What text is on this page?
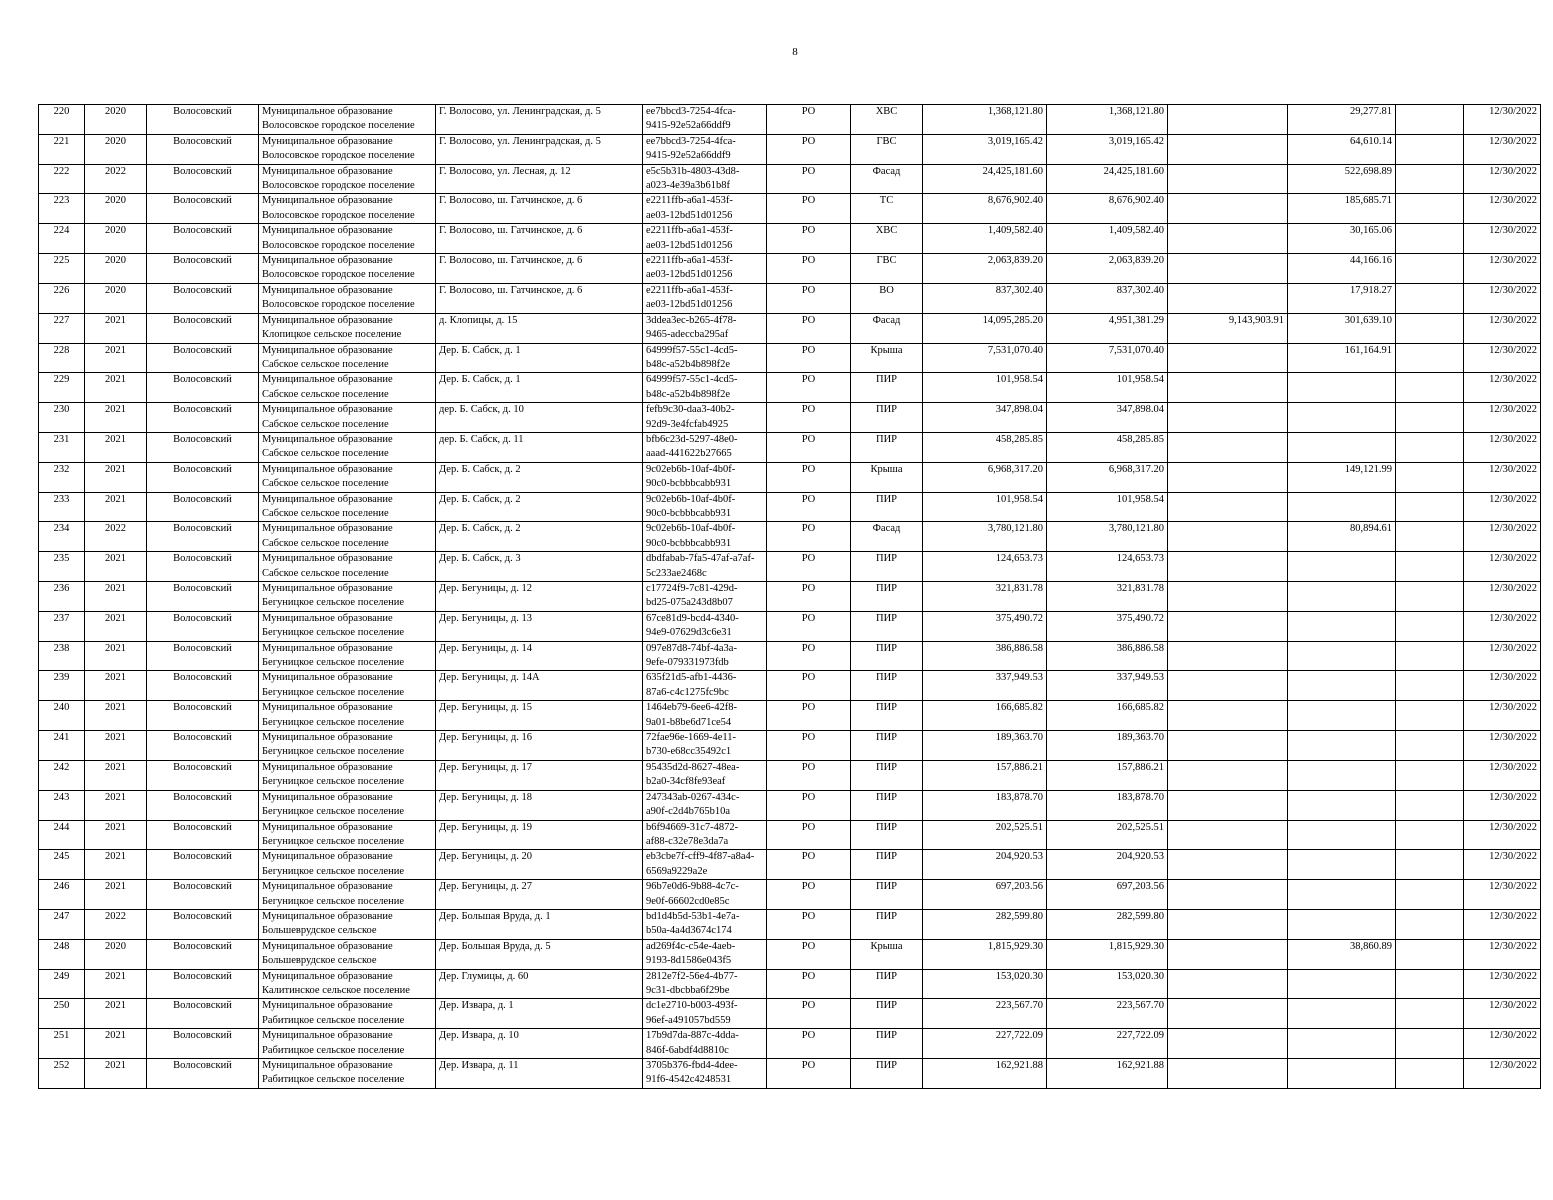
8
220	2020	Волосовский	Муниципальное образование
Волосовское городское поселение	Г. Волосово, ул. Ленинградская, д. 5	ee7bbcd3-7254-4fca-
9415-92e52a66ddf9	РО	ХВС	1,368,121.80	1,368,121.80		29,277.81		12/30/2022
221	2020	Волосовский	Муниципальное образование
Волосовское городское поселение	Г. Волосово, ул. Ленинградская, д. 5	ee7bbcd3-7254-4fca-
9415-92e52a66ddf9	РО	ГВС	3,019,165.42	3,019,165.42		64,610.14		12/30/2022
222	2022	Волосовский	Муниципальное образование
Волосовское городское поселение	Г. Волосово, ул. Лесная, д. 12	e5c5b31b-4803-43d8-
a023-4e39a3b61b8f	РО	Фасад	24,425,181.60	24,425,181.60		522,698.89		12/30/2022
223	2020	Волосовский	Муниципальное образование
Волосовское городское поселение	Г. Волосово, ш. Гатчинское, д. 6	e2211ffb-a6a1-453f-
ae03-12bd51d01256	РО	ТС	8,676,902.40	8,676,902.40		185,685.71		12/30/2022
224	2020	Волосовский	Муниципальное образование
Волосовское городское поселение	Г. Волосово, ш. Гатчинское, д. 6	e2211ffb-a6a1-453f-
ae03-12bd51d01256	РО	ХВС	1,409,582.40	1,409,582.40		30,165.06		12/30/2022
225	2020	Волосовский	Муниципальное образование
Волосовское городское поселение	Г. Волосово, ш. Гатчинское, д. 6	e2211ffb-a6a1-453f-
ae03-12bd51d01256	РО	ГВС	2,063,839.20	2,063,839.20		44,166.16		12/30/2022
226	2020	Волосовский	Муниципальное образование
Волосовское городское поселение	Г. Волосово, ш. Гатчинское, д. 6	e2211ffb-a6a1-453f-
ae03-12bd51d01256	РО	ВО	837,302.40	837,302.40		17,918.27		12/30/2022
227	2021	Волосовский	Муниципальное образование
Клопицкое сельское поселение	д. Клопицы, д. 15	3ddea3ec-b265-4f78-
9465-adeccba295af	РО	Фасад	14,095,285.20	4,951,381.29	9,143,903.91	301,639.10		12/30/2022
228	2021	Волосовский	Муниципальное образование
Сабское сельское поселение	Дер. Б. Сабск, д. 1	64999f57-55c1-4cd5-
b48c-a52b4b898f2e	РО	Крыша	7,531,070.40	7,531,070.40		161,164.91		12/30/2022
229	2021	Волосовский	Муниципальное образование
Сабское сельское поселение	Дер. Б. Сабск, д. 1	64999f57-55c1-4cd5-
b48c-a52b4b898f2e	РО	ПИР	101,958.54	101,958.54				12/30/2022
230	2021	Волосовский	Муниципальное образование
Сабское сельское поселение	дер. Б. Сабск, д. 10	fefb9c30-daa3-40b2-
92d9-3e4fcfab4925	РО	ПИР	347,898.04	347,898.04				12/30/2022
231	2021	Волосовский	Муниципальное образование
Сабское сельское поселение	дер. Б. Сабск, д. 11	bfb6c23d-5297-48e0-
aaad-441622b27665	РО	ПИР	458,285.85	458,285.85				12/30/2022
232	2021	Волосовский	Муниципальное образование
Сабское сельское поселение	Дер. Б. Сабск, д. 2	9c02eb6b-10af-4b0f-
90c0-bcbbbcabb931	РО	Крыша	6,968,317.20	6,968,317.20		149,121.99		12/30/2022
233	2021	Волосовский	Муниципальное образование
Сабское сельское поселение	Дер. Б. Сабск, д. 2	9c02eb6b-10af-4b0f-
90c0-bcbbbcabb931	РО	ПИР	101,958.54	101,958.54				12/30/2022
234	2022	Волосовский	Муниципальное образование
Сабское сельское поселение	Дер. Б. Сабск, д. 2	9c02eb6b-10af-4b0f-
90c0-bcbbbcabb931	РО	Фасад	3,780,121.80	3,780,121.80		80,894.61		12/30/2022
235	2021	Волосовский	Муниципальное образование
Сабское сельское поселение	Дер. Б. Сабск, д. 3	dbdfabab-7fa5-47af-a7af-
5c233ae2468c	РО	ПИР	124,653.73	124,653.73				12/30/2022
236	2021	Волосовский	Муниципальное образование
Бегуницкое сельское поселение	Дер. Бегуницы, д. 12	c17724f9-7c81-429d-
bd25-075a243d8b07	РО	ПИР	321,831.78	321,831.78				12/30/2022
237	2021	Волосовский	Муниципальное образование
Бегуницкое сельское поселение	Дер. Бегуницы, д. 13	67ce81d9-bcd4-4340-
94e9-07629d3c6e31	РО	ПИР	375,490.72	375,490.72				12/30/2022
238	2021	Волосовский	Муниципальное образование
Бегуницкое сельское поселение	Дер. Бегуницы, д. 14	097e87d8-74bf-4a3a-
9efe-079331973fdb	РО	ПИР	386,886.58	386,886.58				12/30/2022
239	2021	Волосовский	Муниципальное образование
Бегуницкое сельское поселение	Дер. Бегуницы, д. 14А	635f21d5-afb1-4436-
87a6-c4c1275fc9bc	РО	ПИР	337,949.53	337,949.53				12/30/2022
240	2021	Волосовский	Муниципальное образование
Бегуницкое сельское поселение	Дер. Бегуницы, д. 15	1464eb79-6ee6-42f8-
9a01-b8be6d71ce54	РО	ПИР	166,685.82	166,685.82				12/30/2022
241	2021	Волосовский	Муниципальное образование
Бегуницкое сельское поселение	Дер. Бегуницы, д. 16	72fae96e-1669-4e11-
b730-e68cc35492c1	РО	ПИР	189,363.70	189,363.70				12/30/2022
242	2021	Волосовский	Муниципальное образование
Бегуницкое сельское поселение	Дер. Бегуницы, д. 17	95435d2d-8627-48ea-
b2a0-34cf8fe93eaf	РО	ПИР	157,886.21	157,886.21				12/30/2022
243	2021	Волосовский	Муниципальное образование
Бегуницкое сельское поселение	Дер. Бегуницы, д. 18	247343ab-0267-434c-
a90f-c2d4b765b10a	РО	ПИР	183,878.70	183,878.70				12/30/2022
244	2021	Волосовский	Муниципальное образование
Бегуницкое сельское поселение	Дер. Бегуницы, д. 19	b6f94669-31c7-4872-
af88-c32e78e3da7a	РО	ПИР	202,525.51	202,525.51				12/30/2022
245	2021	Волосовский	Муниципальное образование
Бегуницкое сельское поселение	Дер. Бегуницы, д. 20	eb3cbe7f-cff9-4f87-a8a4-
6569a9229a2e	РО	ПИР	204,920.53	204,920.53				12/30/2022
246	2021	Волосовский	Муниципальное образование
Бегуницкое сельское поселение	Дер. Бегуницы, д. 27	96b7e0d6-9b88-4c7c-
9e0f-66602cd0e85c	РО	ПИР	697,203.56	697,203.56				12/30/2022
247	2022	Волосовский	Муниципальное образование
Большеврудское сельское	Дер. Большая Вруда, д. 1	bd1d4b5d-53b1-4e7a-
b50a-4a4d3674c174	РО	ПИР	282,599.80	282,599.80				12/30/2022
248	2020	Волосовский	Муниципальное образование
Большеврудское сельское	Дер. Большая Вруда, д. 5	ad269f4c-c54e-4aeb-
9193-8d1586e043f5	РО	Крыша	1,815,929.30	1,815,929.30		38,860.89		12/30/2022
249	2021	Волосовский	Муниципальное образование
Калитинское сельское поселение	Дер. Глумицы, д. 60	2812e7f2-56e4-4b77-
9c31-dbcbba6f29be	РО	ПИР	153,020.30	153,020.30				12/30/2022
250	2021	Волосовский	Муниципальное образование
Рабитицкое сельское поселение	Дер. Извара, д. 1	dc1e2710-b003-493f-
96ef-a491057bd559	РО	ПИР	223,567.70	223,567.70				12/30/2022
251	2021	Волосовский	Муниципальное образование
Рабитицкое сельское поселение	Дер. Извара, д. 10	17b9d7da-887c-4dda-
846f-6abdf4d8810c	РО	ПИР	227,722.09	227,722.09				12/30/2022
252	2021	Волосовский	Муниципальное образование
Рабитицкое сельское поселение	Дер. Извара, д. 11	3705b376-fbd4-4dee-
91f6-4542c4248531	РО	ПИР	162,921.88	162,921.88				12/30/2022
